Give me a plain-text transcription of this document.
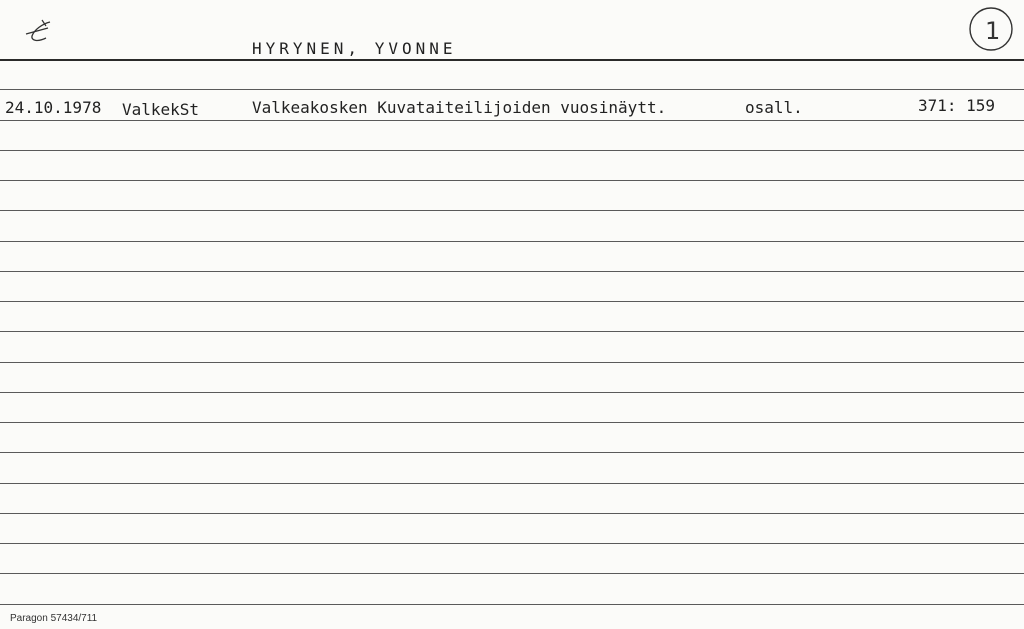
1
HYRYNEN, YVONNE
24.10.1978 ValkekSt	Valkeakosken Kuvataiteilijoiden vuosinäytt.	osall.	371: 159
Paragon 57434/711
